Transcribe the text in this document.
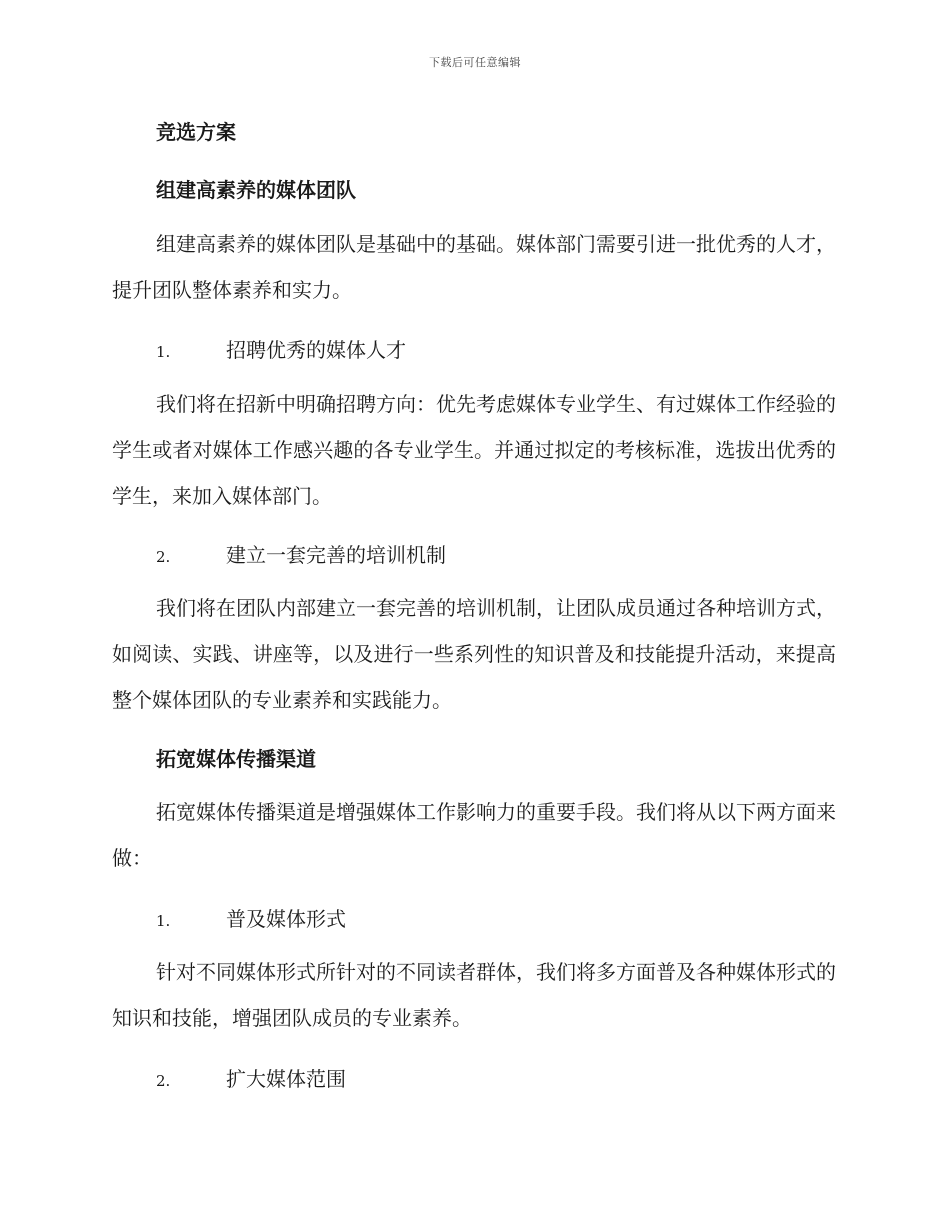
下载后可任意编辑
竞选方案
组建高素养的媒体团队
组建高素养的媒体团队是基础中的基础。媒体部门需要引进一批优秀的人才，提升团队整体素养和实力。
1.	招聘优秀的媒体人才
我们将在招新中明确招聘方向：优先考虑媒体专业学生、有过媒体工作经验的学生或者对媒体工作感兴趣的各专业学生。并通过拟定的考核标准，选拔出优秀的学生，来加入媒体部门。
2.	建立一套完善的培训机制
我们将在团队内部建立一套完善的培训机制，让团队成员通过各种培训方式，如阅读、实践、讲座等，以及进行一些系列性的知识普及和技能提升活动，来提高整个媒体团队的专业素养和实践能力。
拓宽媒体传播渠道
拓宽媒体传播渠道是增强媒体工作影响力的重要手段。我们将从以下两方面来做：
1.	普及媒体形式
针对不同媒体形式所针对的不同读者群体，我们将多方面普及各种媒体形式的知识和技能，增强团队成员的专业素养。
2.	扩大媒体范围
